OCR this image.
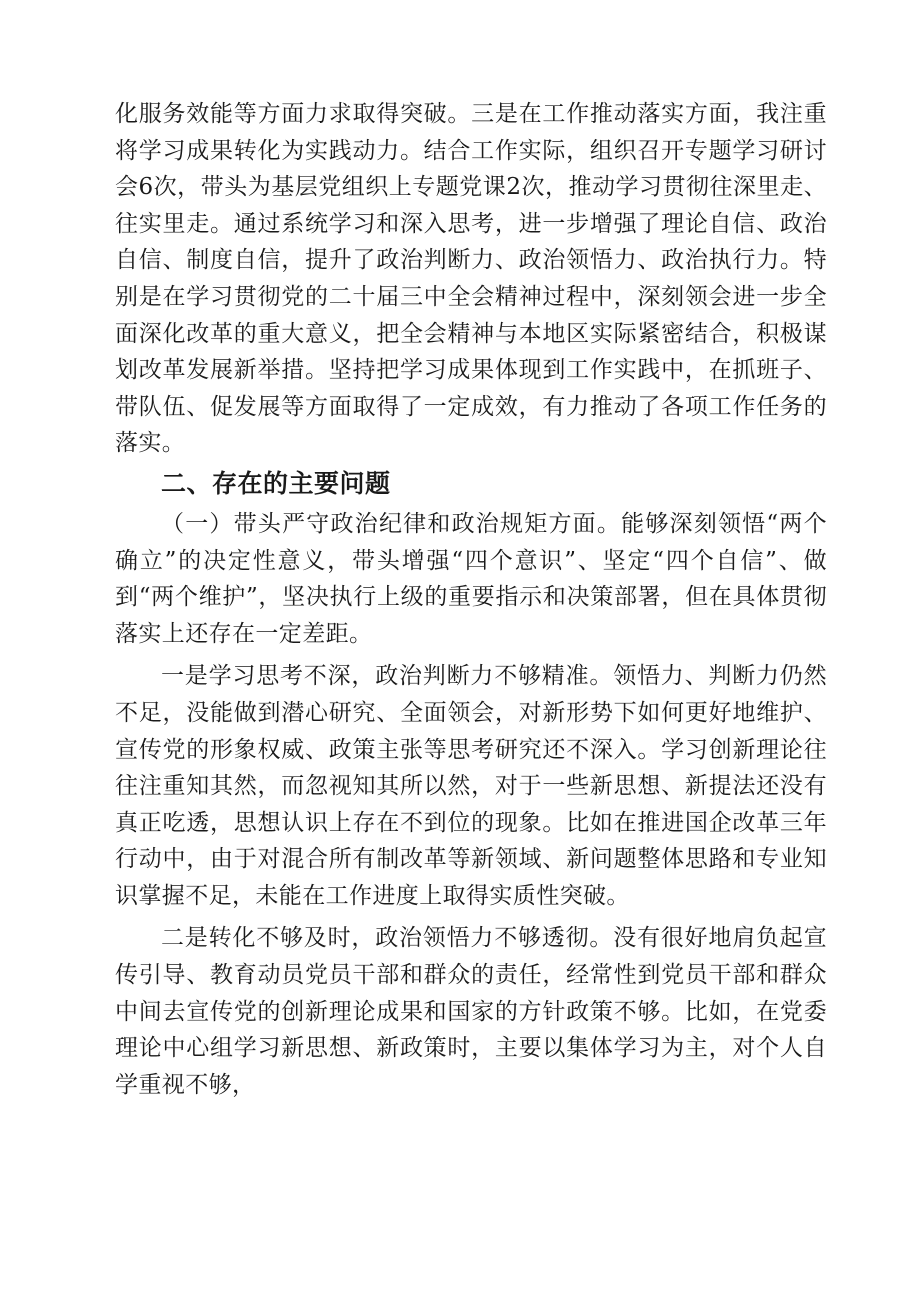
化服务效能等方面力求取得突破。三是在工作推动落实方面，我注重将学习成果转化为实践动力。结合工作实际，组织召开专题学习研讨会6次，带头为基层党组织上专题党课2次，推动学习贯彻往深里走、往实里走。通过系统学习和深入思考，进一步增强了理论自信、政治自信、制度自信，提升了政治判断力、政治领悟力、政治执行力。特别是在学习贯彻党的二十届三中全会精神过程中，深刻领会进一步全面深化改革的重大意义，把全会精神与本地区实际紧密结合，积极谋划改革发展新举措。坚持把学习成果体现到工作实践中，在抓班子、带队伍、促发展等方面取得了一定成效，有力推动了各项工作任务的落实。

二、存在的主要问题

（一）带头严守政治纪律和政治规矩方面。能够深刻领悟“两个确立”的决定性意义，带头增强“四个意识”、坚定“四个自信”、做到“两个维护”，坚决执行上级的重要指示和决策部署，但在具体贯彻落实上还存在一定差距。

一是学习思考不深，政治判断力不够精准。领悟力、判断力仍然不足，没能做到潜心研究、全面领会，对新形势下如何更好地维护、宣传党的形象权威、政策主张等思考研究还不深入。学习创新理论往往注重知其然，而忽视知其所以然，对于一些新思想、新提法还没有真正吃透，思想认识上存在不到位的现象。比如在推进国企改革三年行动中，由于对混合所有制改革等新领域、新问题整体思路和专业知识掌握不足，未能在工作进度上取得实质性突破。

二是转化不够及时，政治领悟力不够透彻。没有很好地肩负起宣传引导、教育动员党员干部和群众的责任，经常性到党员干部和群众中间去宣传党的创新理论成果和国家的方针政策不够。比如，在党委理论中心组学习新思想、新政策时，主要以集体学习为主，对个人自学重视不够，
